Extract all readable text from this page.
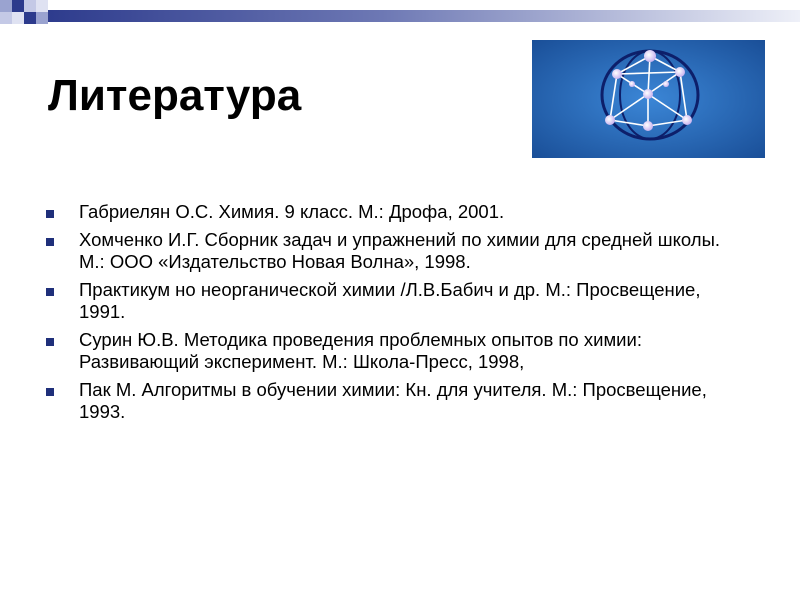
Литература
Габриелян О.С. Химия. 9 класс. М.: Дрофа, 2001.
Хомченко И.Г. Сборник задач и упражнений по химии для средней школы. М.: ООО «Издательство Новая Волна», 1998.
Практикум но неорганической химии /Л.В.Бабич и др. М.: Просвещение, 1991.
Сурин Ю.В. Методика проведения проблемных опытов по химии: Развивающий эксперимент. М.: Школа-Пресс, 1998,
Пак М. Алгоритмы в обучении химии: Кн. для учителя. М.: Просвещение, 1993.
